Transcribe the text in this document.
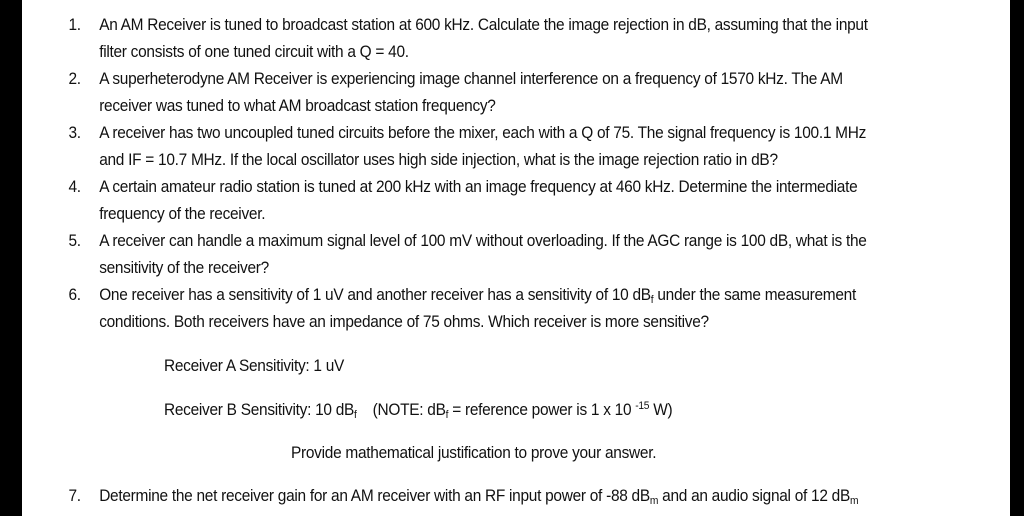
1. An AM Receiver is tuned to broadcast station at 600 kHz. Calculate the image rejection in dB, assuming that the input
filter consists of one tuned circuit with a Q = 40.
2. A superheterodyne AM Receiver is experiencing image channel interference on a frequency of 1570 kHz. The AM
receiver was tuned to what AM broadcast station frequency?
3. A receiver has two uncoupled tuned circuits before the mixer, each with a Q of 75. The signal frequency is 100.1 MHz
and IF = 10.7 MHz. If the local oscillator uses high side injection, what is the image rejection ratio in dB?
4. A certain amateur radio station is tuned at 200 kHz with an image frequency at 460 kHz. Determine the intermediate
frequency of the receiver.
5. A receiver can handle a maximum signal level of 100 mV without overloading. If the AGC range is 100 dB, what is the
sensitivity of the receiver?
6. One receiver has a sensitivity of 1 uV and another receiver has a sensitivity of 10 $dB_f$ under the same measurement
conditions. Both receivers have an impedance of 75 ohms. Which receiver is more sensitive?
Receiver A Sensitivity: 1 uV
Receiver B Sensitivity: 10 $dB_f$ (NOTE: $dB_f$ = reference power is 1 x 10 $^{-15}$ W)
Provide mathematical justification to prove your answer.
7. Determine the net receiver gain for an AM receiver with an RF input power of -88 $dB_m$ and an audio signal of 12 $dB_m$
